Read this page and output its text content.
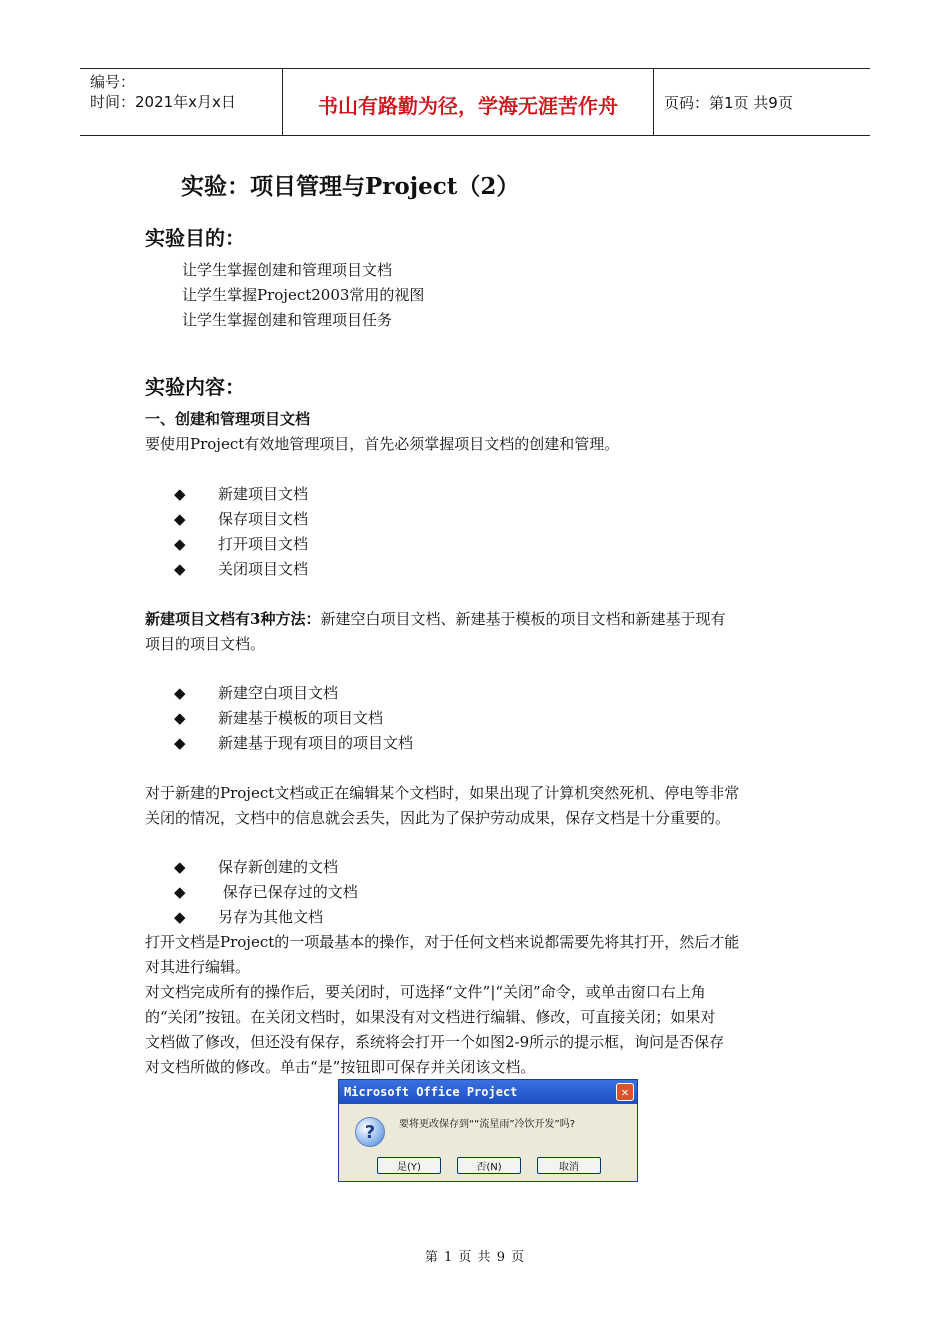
编号：
时间：2021年x月x日	书山有路勤为径，学海无涯苦作舟	页码：第1页 共9页
实验：项目管理与Project（2）
实验目的：
让学生掌握创建和管理项目文档
让学生掌握Project2003常用的视图
让学生掌握创建和管理项目任务
实验内容：
一、创建和管理项目文档
要使用Project有效地管理项目，首先必须掌握项目文档的创建和管理。
◆ 新建项目文档
◆ 保存项目文档
◆ 打开项目文档
◆ 关闭项目文档
新建项目文档有3种方法：新建空白项目文档、新建基于模板的项目文档和新建基于现有
项目的项目文档。
◆ 新建空白项目文档
◆ 新建基于模板的项目文档
◆ 新建基于现有项目的项目文档
对于新建的Project文档或正在编辑某个文档时，如果出现了计算机突然死机、停电等非常
关闭的情况，文档中的信息就会丢失，因此为了保护劳动成果，保存文档是十分重要的。
◆ 保存新创建的文档
◆ 保存已保存过的文档
◆ 另存为其他文档
打开文档是Project的一项最基本的操作，对于任何文档来说都需要先将其打开，然后才能
对其进行编辑。
对文档完成所有的操作后，要关闭时，可选择“文件”|“关闭”命令，或单击窗口右上角
的“关闭”按钮。在关闭文档时，如果没有对文档进行编辑、修改，可直接关闭；如果对
文档做了修改，但还没有保存，系统将会打开一个如图2-9所示的提示框，询问是否保存
对文档所做的修改。单击“是”按钮即可保存并关闭该文档。
Microsoft Office Project	✕
?	要将更改保存到““流星雨”冷饮开发”吗?
是(Y)	否(N)	取消
第 1 页 共 9 页
